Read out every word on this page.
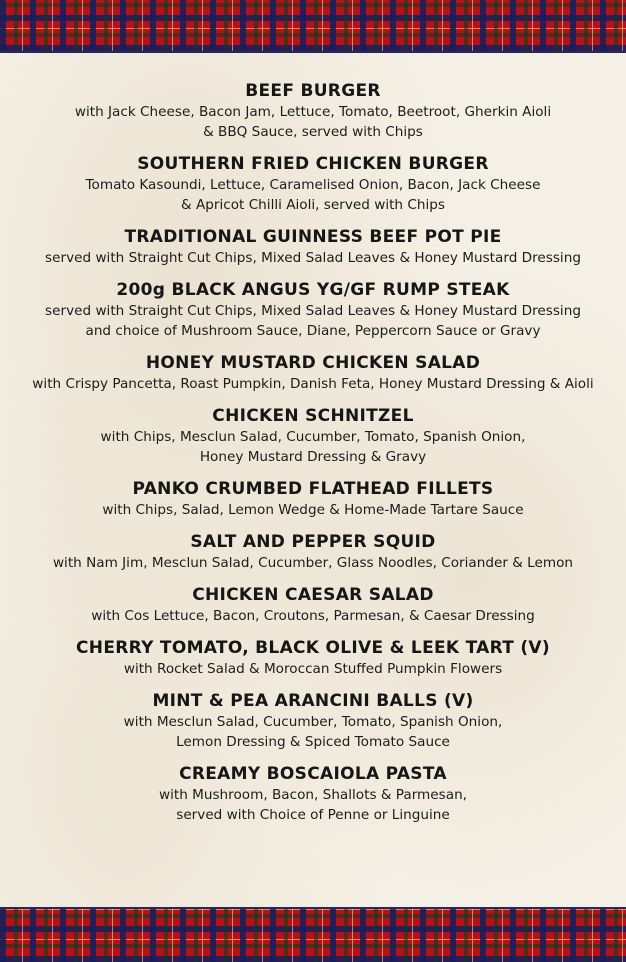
BEEF BURGER
with Jack Cheese, Bacon Jam, Lettuce, Tomato, Beetroot, Gherkin Aioli
& BBQ Sauce, served with Chips
SOUTHERN FRIED CHICKEN BURGER
Tomato Kasoundi, Lettuce, Caramelised Onion, Bacon, Jack Cheese
& Apricot Chilli Aioli, served with Chips
TRADITIONAL GUINNESS BEEF POT PIE
served with Straight Cut Chips, Mixed Salad Leaves & Honey Mustard Dressing
200g BLACK ANGUS YG/GF RUMP STEAK
served with Straight Cut Chips, Mixed Salad Leaves & Honey Mustard Dressing
and choice of Mushroom Sauce, Diane, Peppercorn Sauce or Gravy
HONEY MUSTARD CHICKEN SALAD
with Crispy Pancetta, Roast Pumpkin, Danish Feta, Honey Mustard Dressing & Aioli
CHICKEN SCHNITZEL
with Chips, Mesclun Salad, Cucumber, Tomato, Spanish Onion,
Honey Mustard Dressing & Gravy
PANKO CRUMBED FLATHEAD FILLETS
with Chips, Salad, Lemon Wedge & Home-Made Tartare Sauce
SALT AND PEPPER SQUID
with Nam Jim, Mesclun Salad, Cucumber, Glass Noodles, Coriander & Lemon
CHICKEN CAESAR SALAD
with Cos Lettuce, Bacon, Croutons, Parmesan, & Caesar Dressing
CHERRY TOMATO, BLACK OLIVE & LEEK TART (V)
with Rocket Salad & Moroccan Stuffed Pumpkin Flowers
MINT & PEA ARANCINI BALLS (V)
with Mesclun Salad, Cucumber, Tomato, Spanish Onion,
Lemon Dressing & Spiced Tomato Sauce
CREAMY BOSCAIOLA PASTA
with Mushroom, Bacon, Shallots & Parmesan,
served with Choice of Penne or Linguine
